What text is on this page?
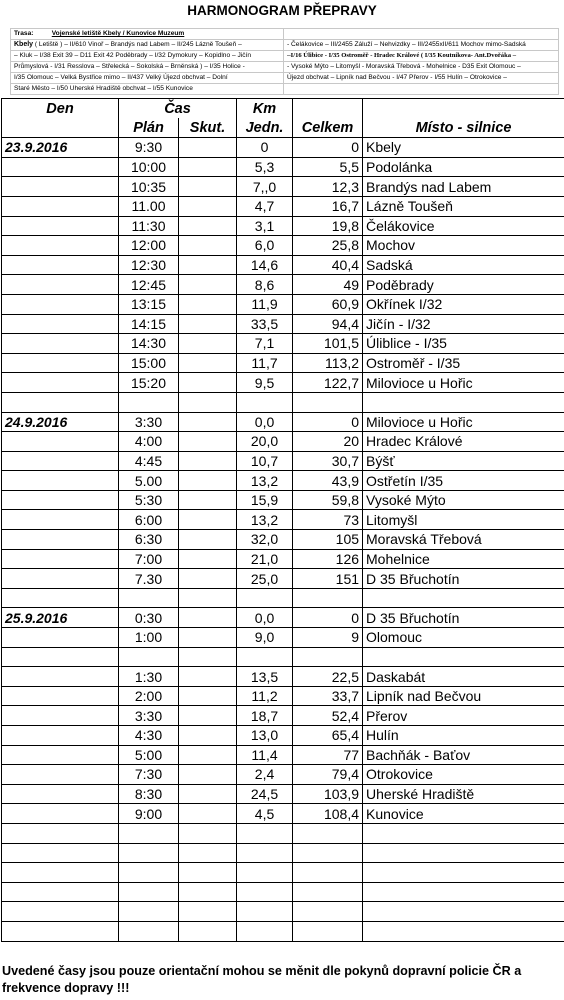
HARMONOGRAM PŘEPRAVY
Trasa: Vojenské letiště Kbely / Kunovice Muzeum	
Kbely ( Letiště ) – II/610 Vinoř – Brandýs nad Labem – II/245 Lázně Toušeň –	- Čelákovice – III/2455 Záluží – Nehvizdky – III/2455xII/611 Mochov mimo-Sadská
– Kluk – I/38 Exit 39 – D11 Exit 42 Poděbrady – I/32 Dymokury – Kopidlno – Jičín	–I/16 Úlibice - I/35 Ostroměř - Hradec Králové ( I/35 Koutníkova- Ant.Dvořáka –
Průmyslová - I/31 Resslova – Střelecká – Sokolská – Brněnská ) – I/35 Holice -	- Vysoké Mýto – Litomyšl - Moravská Třebová - Mohelnice - D35 Exit Olomouc –
I/35 Olomouc – Velká Bystřice mimo – II/437 Velký Újezd obchvat – Dolní	Újezd obchvat – Lipník nad Bečvou - I/47 Přerov - I/55 Hulín – Otrokovice –
Staré Město – I/50 Uherské Hradiště obchvat – I/55 Kunovice	
Den	Čas		Km		
	Plán	Skut.	Jedn.	Celkem	Místo - silnice
23.9.2016	9:30		0	0	Kbely
	10:00		5,3	5,5	Podolánka
	10:35		7,,0	12,3	Brandýs nad Labem
	11.00		4,7	16,7	Lázně Toušeň
	11:30		3,1	19,8	Čelákovice
	12:00		6,0	25,8	Mochov
	12:30		14,6	40,4	Sadská
	12:45		8,6	49	Poděbrady
	13:15		11,9	60,9	Okřínek I/32
	14:15		33,5	94,4	Jičín - I/32
	14:30		7,1	101,5	Úliblice - I/35
	15:00		11,7	113,2	Ostroměř - I/35
	15:20		9,5	122,7	Milovioce u Hořic

24.9.2016	3:30		0,0	0	Milovioce u Hořic
	4:00		20,0	20	Hradec Králové
	4:45		10,7	30,7	Býšť
	5.00		13,2	43,9	Ostřetín I/35
	5:30		15,9	59,8	Vysoké Mýto
	6:00		13,2	73	Litomyšl
	6:30		32,0	105	Moravská Třebová
	7:00		21,0	126	Mohelnice
	7.30		25,0	151	D 35 Břuchotín

25.9.2016	0:30		0,0	0	D 35 Břuchotín
	1:00		9,0	9	Olomouc

	1:30		13,5	22,5	Daskabát
	2:00		11,2	33,7	Lipník nad Bečvou
	3:30		18,7	52,4	Přerov
	4:30		13,0	65,4	Hulín
	5:00		11,4	77	Bachňák - Baťov
	7:30		2,4	79,4	Otrokovice
	8:30		24,5	103,9	Uherské Hradiště
	9:00		4,5	108,4	Kunovice

Uvedené časy jsou pouze orientační mohou se měnit dle pokynů dopravní policie ČR a frekvence dopravy !!!
